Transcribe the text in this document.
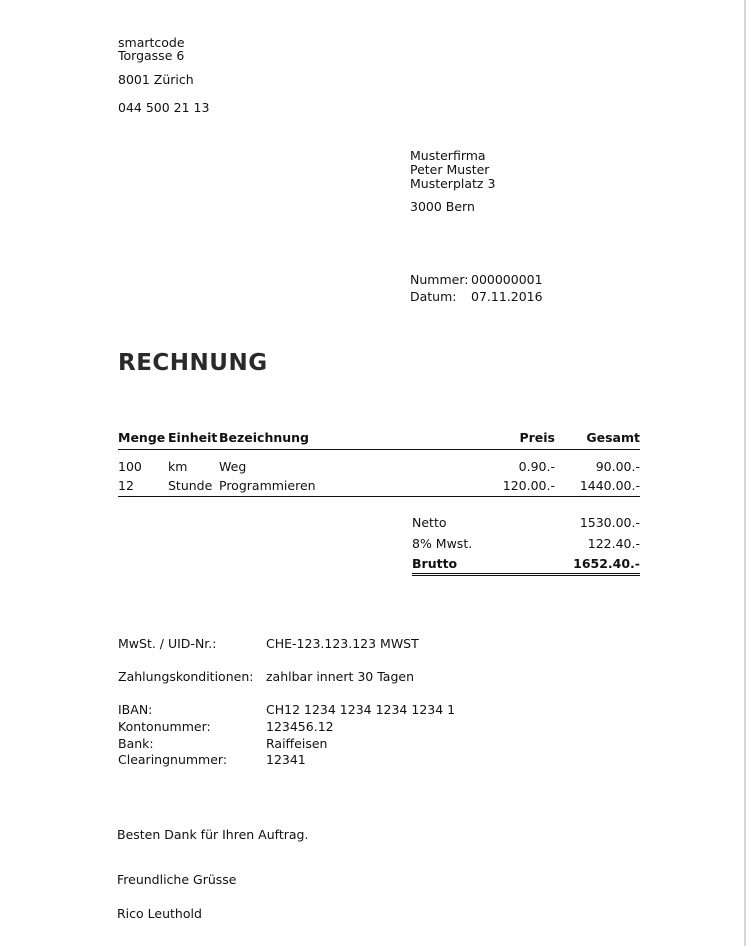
smartcode
Torgasse 6
8001 Zürich
044 500 21 13
Musterfirma
Peter Muster
Musterplatz 3
3000 Bern
Nummer: 000000001
Datum: 07.11.2016
RECHNUNG
Menge	Einheit	Bezeichnung	Preis	Gesamt
100	km	Weg	0.90.-	90.00.-
12	Stunde	Programmieren	120.00.-	1440.00.-
Netto	1530.00.-
8% Mwst.	122.40.-
Brutto	1652.40.-
MwSt. / UID-Nr.:	CHE-123.123.123 MWST
Zahlungskonditionen: zahlbar innert 30 Tagen
IBAN:	CH12 1234 1234 1234 1234 1
Kontonummer:	123456.12
Bank:	Raiffeisen
Clearingnummer:	12341
Besten Dank für Ihren Auftrag.
Freundliche Grüsse
Rico Leuthold
